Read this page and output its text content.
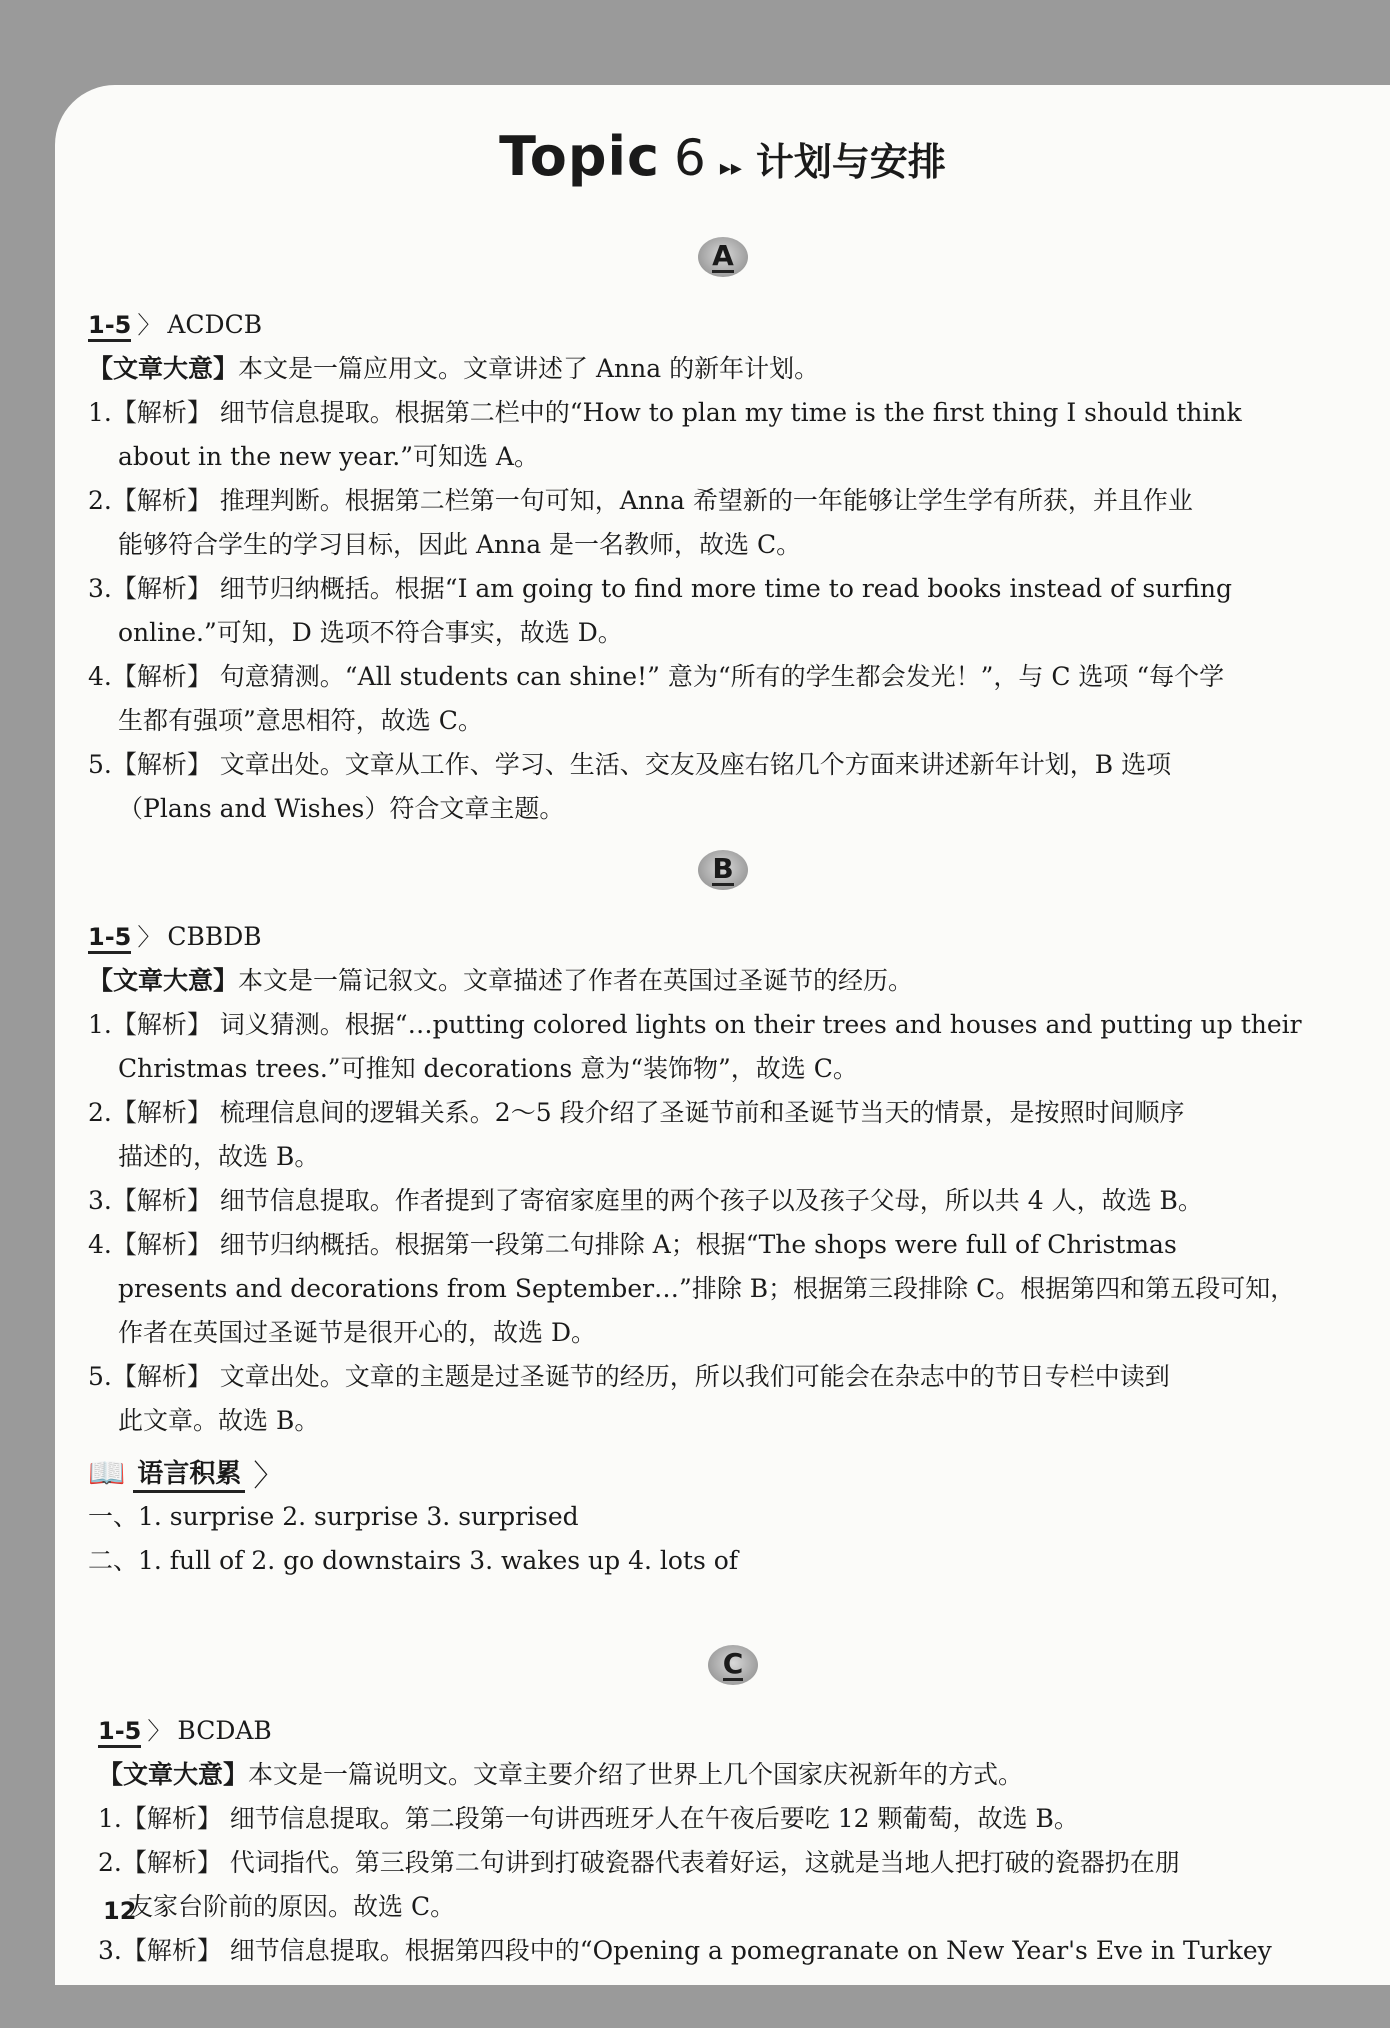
Topic 6 ▸▸ 计划与安排
A
1-5 〉 ACDCB
【文章大意】本文是一篇应用文。文章讲述了 Anna 的新年计划。
1.【解析】 细节信息提取。根据第二栏中的“How to plan my time is the first thing I should think
about in the new year.”可知选 A。
2.【解析】 推理判断。根据第二栏第一句可知，Anna 希望新的一年能够让学生学有所获，并且作业
能够符合学生的学习目标，因此 Anna 是一名教师，故选 C。
3.【解析】 细节归纳概括。根据“I am going to find more time to read books instead of surfing
online.”可知，D 选项不符合事实，故选 D。
4.【解析】 句意猜测。“All students can shine!” 意为“所有的学生都会发光！”，与 C 选项 “每个学
生都有强项”意思相符，故选 C。
5.【解析】 文章出处。文章从工作、学习、生活、交友及座右铭几个方面来讲述新年计划，B 选项
（Plans and Wishes）符合文章主题。
B
1-5 〉 CBBDB
【文章大意】本文是一篇记叙文。文章描述了作者在英国过圣诞节的经历。
1.【解析】 词义猜测。根据“…putting colored lights on their trees and houses and putting up their
Christmas trees.”可推知 decorations 意为“装饰物”，故选 C。
2.【解析】 梳理信息间的逻辑关系。2～5 段介绍了圣诞节前和圣诞节当天的情景，是按照时间顺序
描述的，故选 B。
3.【解析】 细节信息提取。作者提到了寄宿家庭里的两个孩子以及孩子父母，所以共 4 人，故选 B。
4.【解析】 细节归纳概括。根据第一段第二句排除 A；根据“The shops were full of Christmas
presents and decorations from September…”排除 B；根据第三段排除 C。根据第四和第五段可知，
作者在英国过圣诞节是很开心的，故选 D。
5.【解析】 文章出处。文章的主题是过圣诞节的经历，所以我们可能会在杂志中的节日专栏中读到
此文章。故选 B。
📖 语言积累 〉
一、1. surprise 2. surprise 3. surprised
二、1. full of 2. go downstairs 3. wakes up 4. lots of
C
1-5 〉 BCDAB
【文章大意】本文是一篇说明文。文章主要介绍了世界上几个国家庆祝新年的方式。
1.【解析】 细节信息提取。第二段第一句讲西班牙人在午夜后要吃 12 颗葡萄，故选 B。
2.【解析】 代词指代。第三段第二句讲到打破瓷器代表着好运，这就是当地人把打破的瓷器扔在朋
友家台阶前的原因。故选 C。
3.【解析】 细节信息提取。根据第四段中的“Opening a pomegranate on New Year's Eve in Turkey
12
